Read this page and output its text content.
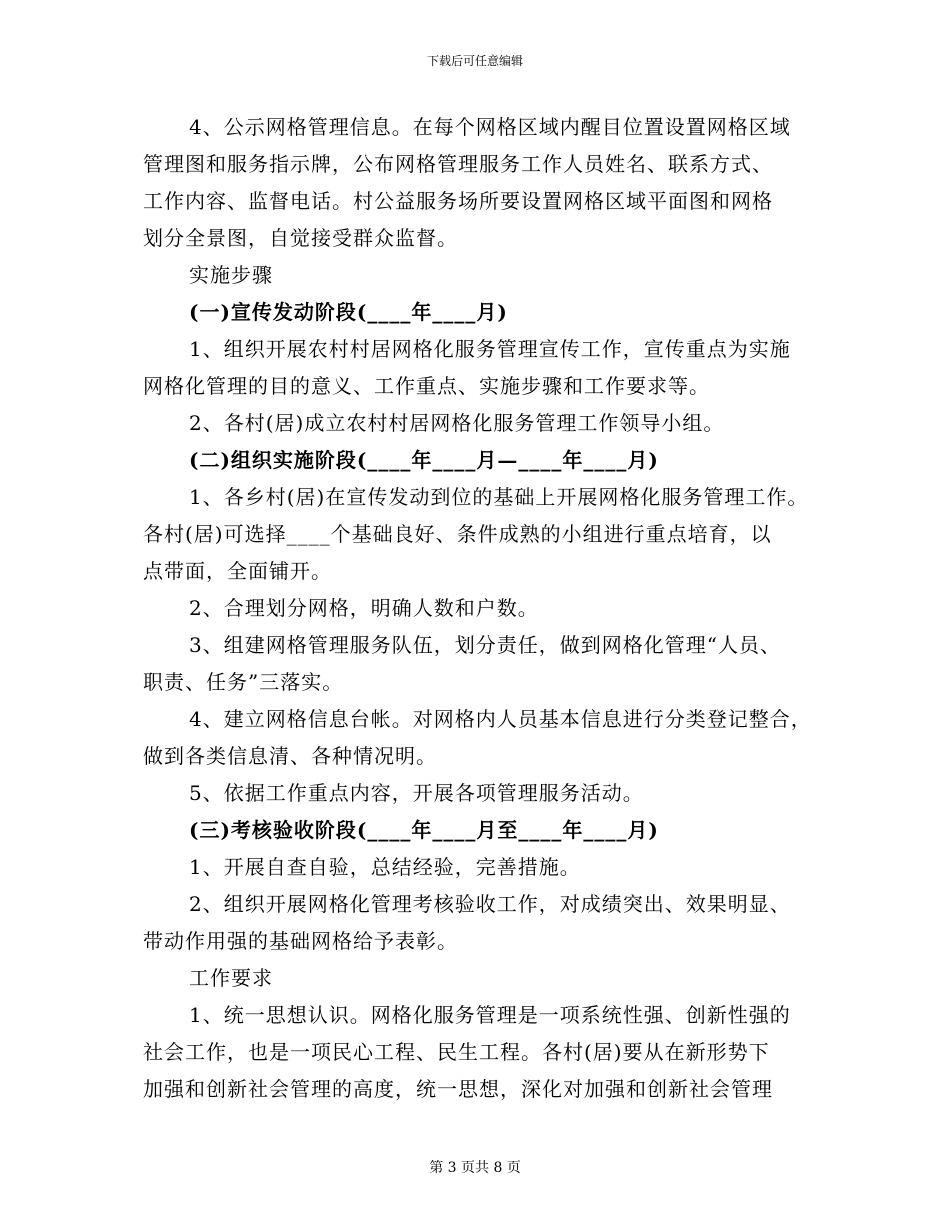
下载后可任意编辑

4、公示网格管理信息。在每个网格区域内醒目位置设置网格区域

管理图和服务指示牌，公布网格管理服务工作人员姓名、联系方式、

工作内容、监督电话。村公益服务场所要设置网格区域平面图和网格

划分全景图，自觉接受群众监督。

实施步骤

(一)宣传发动阶段(____年____月)

1、组织开展农村村居网格化服务管理宣传工作，宣传重点为实施

网格化管理的目的意义、工作重点、实施步骤和工作要求等。

2、各村(居)成立农村村居网格化服务管理工作领导小组。

(二)组织实施阶段(____年____月—____年____月)

1、各乡村(居)在宣传发动到位的基础上开展网格化服务管理工作。

各村(居)可选择____个基础良好、条件成熟的小组进行重点培育，以

点带面，全面铺开。

2、合理划分网格，明确人数和户数。

3、组建网格管理服务队伍，划分责任，做到网格化管理“人员、

职责、任务”三落实。

4、建立网格信息台帐。对网格内人员基本信息进行分类登记整合，

做到各类信息清、各种情况明。

5、依据工作重点内容，开展各项管理服务活动。

(三)考核验收阶段(____年____月至____年____月)

1、开展自查自验，总结经验，完善措施。

2、组织开展网格化管理考核验收工作，对成绩突出、效果明显、

带动作用强的基础网格给予表彰。

工作要求

1、统一思想认识。网格化服务管理是一项系统性强、创新性强的

社会工作，也是一项民心工程、民生工程。各村(居)要从在新形势下

加强和创新社会管理的高度，统一思想，深化对加强和创新社会管理

第 3 页共 8 页
